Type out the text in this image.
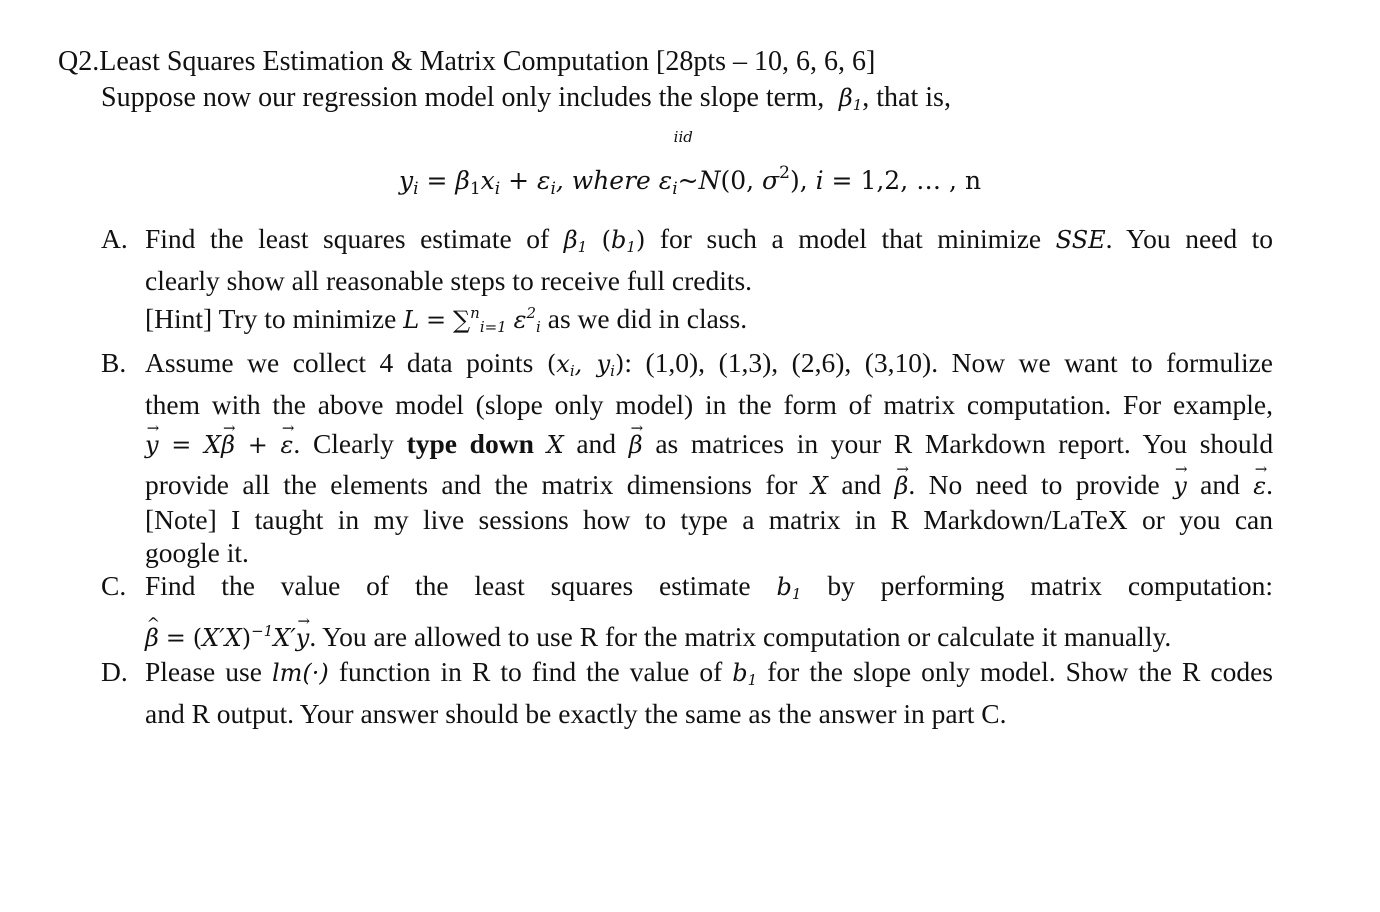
Q2.Least Squares Estimation & Matrix Computation [28pts – 10, 6, 6, 6]
Suppose now our regression model only includes the slope term,  β1, that is,
$y_i = \beta_1x_i + \varepsilon_i$, where $\varepsilon_i$
iid
~N(0, $\sigma^2$), i = 1,2, … , n
A. Find the least squares estimate of β1 (b1) for such a model that minimize SSE. You need to
clearly show all reasonable steps to receive full credits.
[Hint] Try to minimize L = ∑$^n$i=1 $\varepsilon^2i$ as we did in class.
B. Assume we collect 4 data points (xi, yi): (1,0), (1,3), (2,6), (3,10). Now we want to formulize
them with the above model (slope only model) in the form of matrix computation. For example,
y → = Xβ → + ε →. Clearly type down X and β → as matrices in your R Markdown report. You should
provide all the elements and the matrix dimensions for X and β →. No need to provide y → and ε →.
[Note] I taught in my live sessions how to type a matrix in R Markdown/LaTeX or you can
google it.
C. Find the value of the least squares estimate b1 by performing matrix computation:
β ^ = $(X'X)^{-1}X'y$ →. You are allowed to use R for the matrix computation or calculate it manually.
D. Please use lm(·) function in R to find the value of b1 for the slope only model. Show the R codes
and R output. Your answer should be exactly the same as the answer in part C.
